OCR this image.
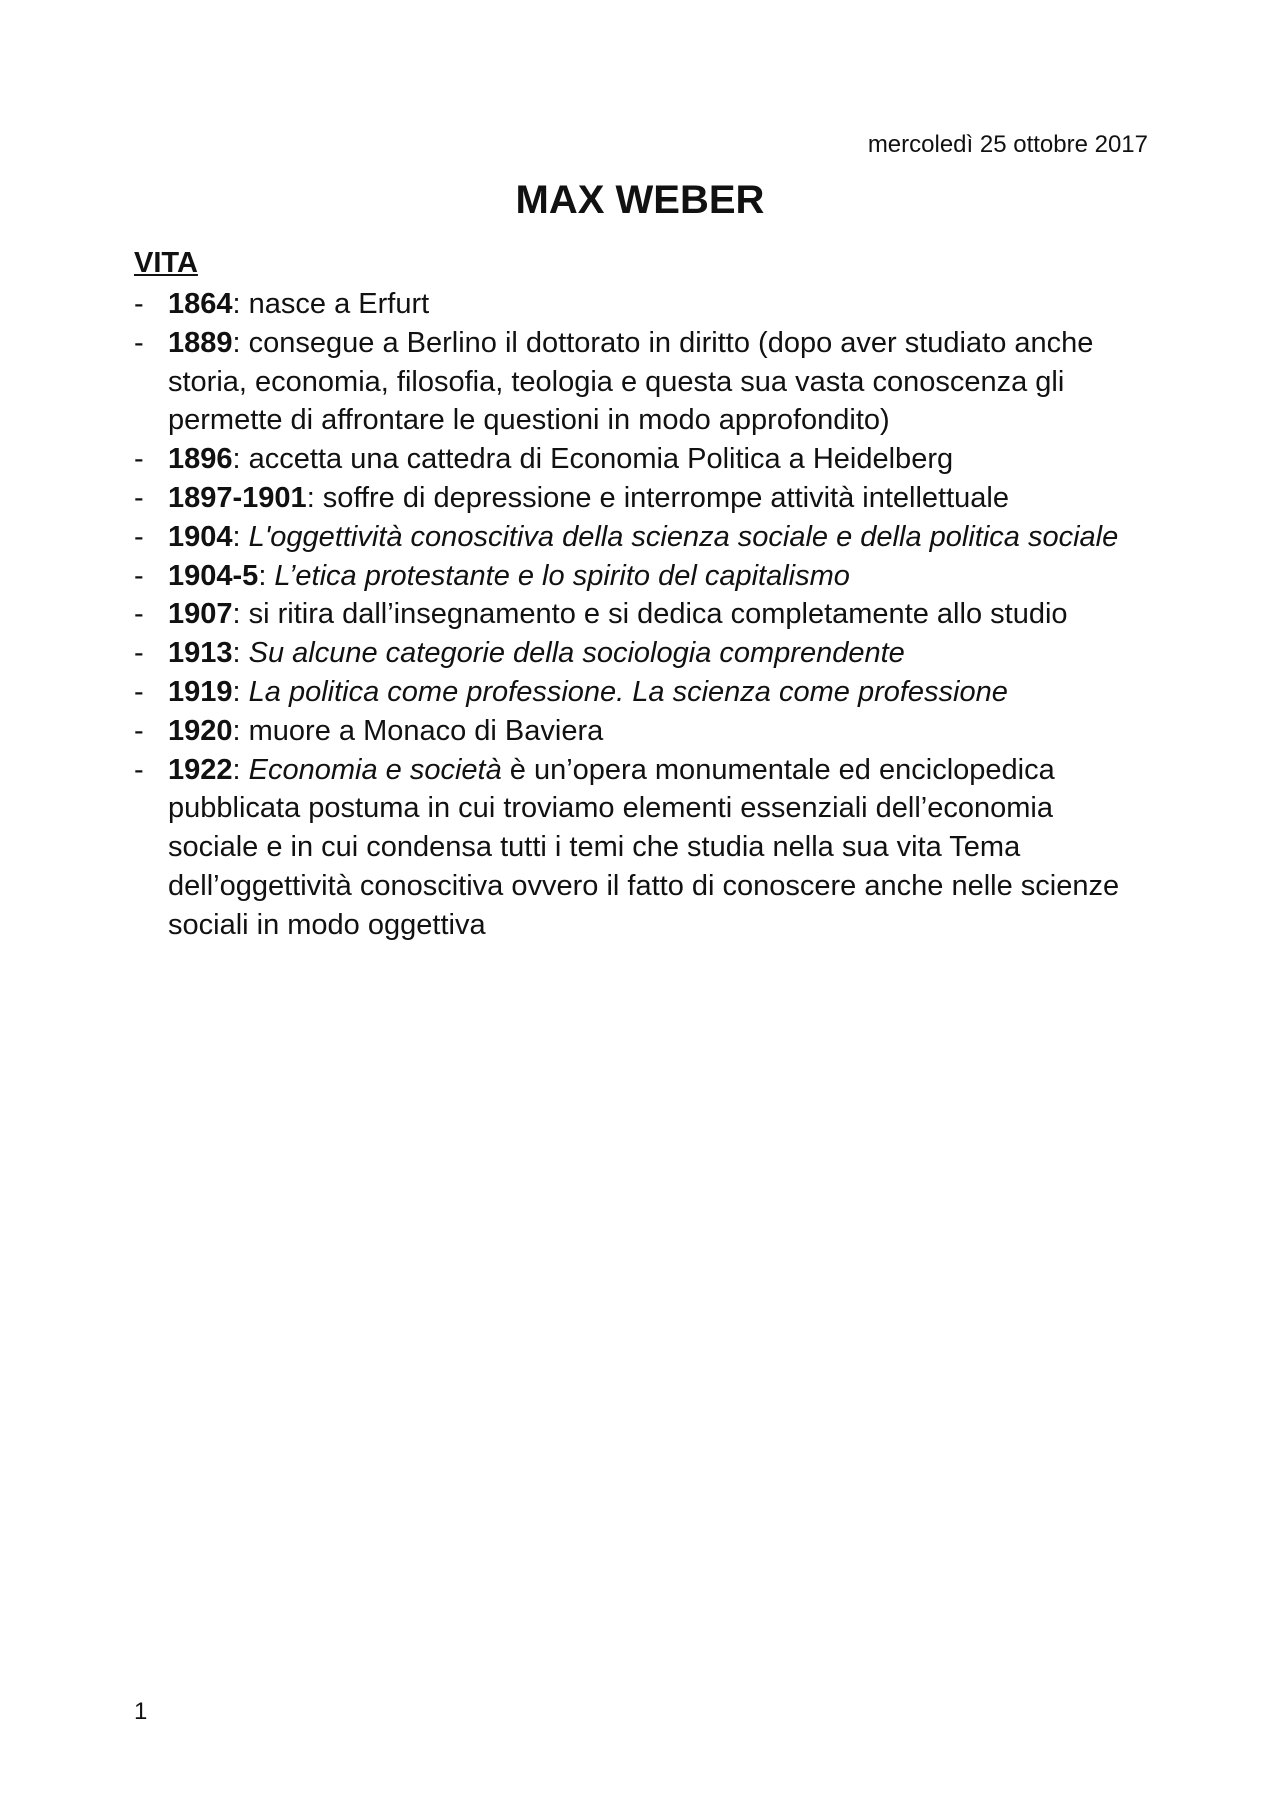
mercoledì 25 ottobre 2017
MAX WEBER
VITA
- 1864: nasce a Erfurt
- 1889: consegue a Berlino il dottorato in diritto (dopo aver studiato anche storia, economia, filosofia, teologia e questa sua vasta conoscenza gli permette di affrontare le questioni in modo approfondito)
- 1896: accetta una cattedra di Economia Politica a Heidelberg
- 1897-1901: soffre di depressione e interrompe attività intellettuale
- 1904: L'oggettività conoscitiva della scienza sociale e della politica sociale
- 1904-5: L’etica protestante e lo spirito del capitalismo
- 1907: si ritira dall’insegnamento e si dedica completamente allo studio
- 1913: Su alcune categorie della sociologia comprendente
- 1919: La politica come professione. La scienza come professione
- 1920: muore a Monaco di Baviera
- 1922: Economia e società è un’opera monumentale ed enciclopedica pubblicata postuma in cui troviamo elementi essenziali dell’economia sociale e in cui condensa tutti i temi che studia nella sua vita Tema dell’oggettività conoscitiva ovvero il fatto di conoscere anche nelle scienze sociali in modo oggettiva
1
